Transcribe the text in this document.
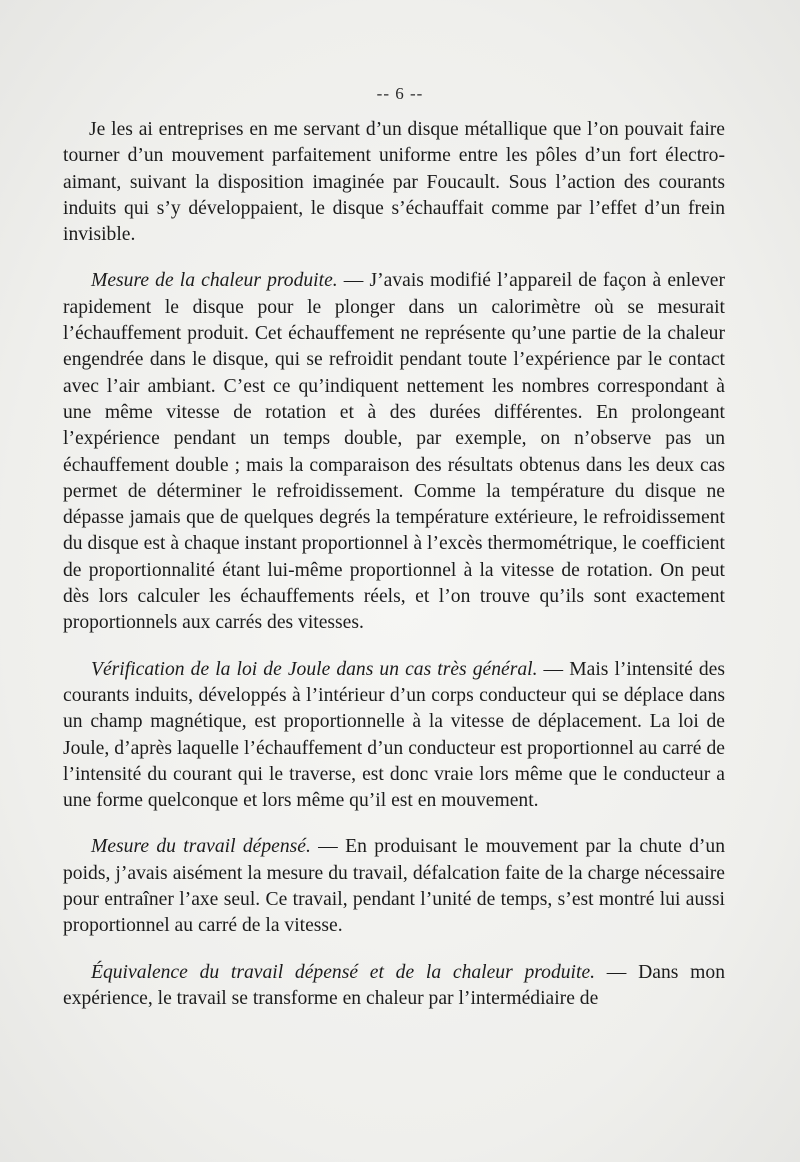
-- 6 --

Je les ai entreprises en me servant d’un disque métallique que l’on pouvait faire tourner d’un mouvement parfaitement uniforme entre les pôles d’un fort électro-aimant, suivant la disposition imaginée par Foucault. Sous l’action des courants induits qui s’y développaient, le disque s’échauffait comme par l’effet d’un frein invisible.

Mesure de la chaleur produite. — J’avais modifié l’appareil de façon à enlever rapidement le disque pour le plonger dans un calorimètre où se mesurait l’échauffement produit. Cet échauffement ne représente qu’une partie de la chaleur engendrée dans le disque, qui se refroidit pendant toute l’expérience par le contact avec l’air ambiant. C’est ce qu’indiquent nettement les nombres correspondant à une même vitesse de rotation et à des durées différentes. En prolongeant l’expérience pendant un temps double, par exemple, on n’observe pas un échauffement double ; mais la comparaison des résultats obtenus dans les deux cas permet de déterminer le refroidissement. Comme la température du disque ne dépasse jamais que de quelques degrés la température extérieure, le refroidissement du disque est à chaque instant proportionnel à l’excès thermométrique, le coefficient de proportionnalité étant lui-même proportionnel à la vitesse de rotation. On peut dès lors calculer les échauffements réels, et l’on trouve qu’ils sont exactement proportionnels aux carrés des vitesses.

Vérification de la loi de Joule dans un cas très général. — Mais l’intensité des courants induits, développés à l’intérieur d’un corps conducteur qui se déplace dans un champ magnétique, est proportionnelle à la vitesse de déplacement. La loi de Joule, d’après laquelle l’échauffement d’un conducteur est proportionnel au carré de l’intensité du courant qui le traverse, est donc vraie lors même que le conducteur a une forme quelconque et lors même qu’il est en mouvement.

Mesure du travail dépensé. — En produisant le mouvement par la chute d’un poids, j’avais aisément la mesure du travail, défalcation faite de la charge nécessaire pour entraîner l’axe seul. Ce travail, pendant l’unité de temps, s’est montré lui aussi proportionnel au carré de la vitesse.

Équivalence du travail dépensé et de la chaleur produite. — Dans mon expérience, le travail se transforme en chaleur par l’intermédiaire de
